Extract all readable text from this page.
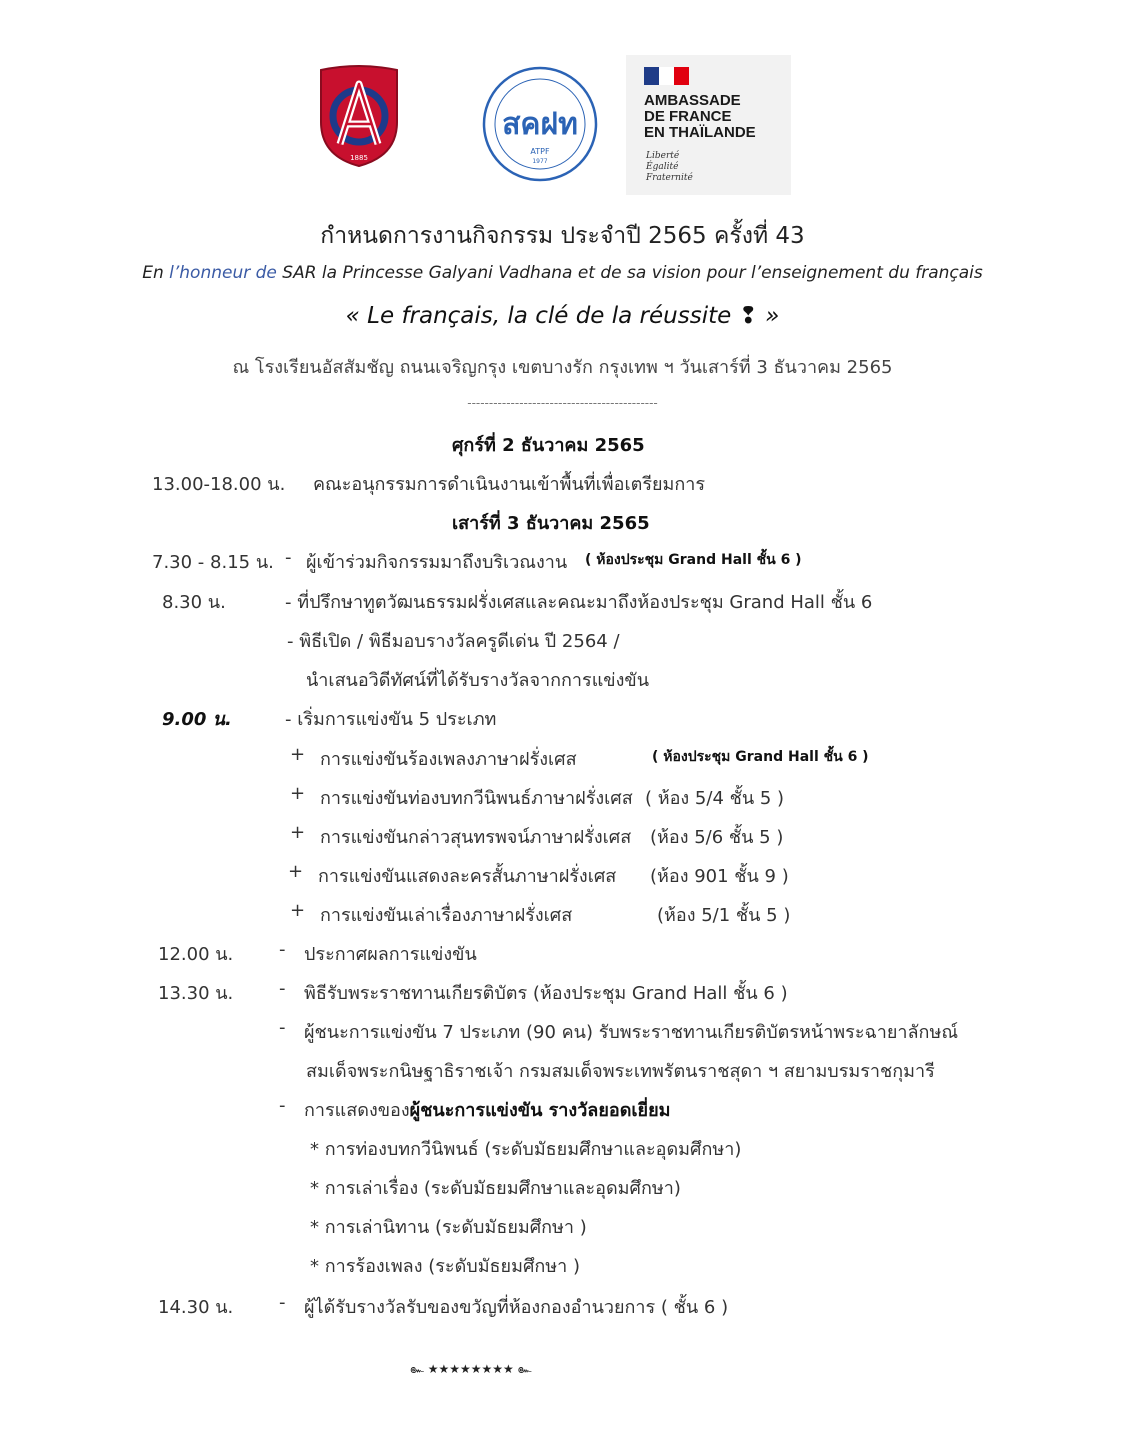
1885
สคฝท
ATPF
1977
AMBASSADE
DE FRANCE
EN THAÏLANDE
Liberté
Égalité
Fraternité
กำหนดการงานกิจกรรม ประจำปี 2565 ครั้งที่ 43
En l’honneur de SAR la Princesse Galyani Vadhana et de sa vision pour l’enseignement du français
« Le français, la clé de la réussite ❢ »
ณ โรงเรียนอัสสัมชัญ ถนนเจริญกรุง เขตบางรัก กรุงเทพ ฯ วันเสาร์ที่ 3 ธันวาคม 2565
--------------------------------------------
ศุกร์ที่ 2 ธันวาคม 2565
13.00-18.00 น. คณะอนุกรรมการดำเนินงานเข้าพื้นที่เพื่อเตรียมการ
เสาร์ที่ 3 ธันวาคม 2565
7.30 - 8.15 น. - ผู้เข้าร่วมกิจกรรมมาถึงบริเวณงาน ( ห้องประชุม Grand Hall ชั้น 6 )
8.30 น.	- ที่ปรึกษาทูตวัฒนธรรมฝรั่งเศสและคณะมาถึงห้องประชุม Grand Hall ชั้น 6
- พิธีเปิด / พิธีมอบรางวัลครูดีเด่น ปี 2564 /
นำเสนอวิดีทัศน์ที่ได้รับรางวัลจากการแข่งขัน
9.00 น.	- เริ่มการแข่งขัน 5 ประเภท
+ การแข่งขันร้องเพลงภาษาฝรั่งเศส	( ห้องประชุม Grand Hall ชั้น 6 )
+ การแข่งขันท่องบทกวีนิพนธ์ภาษาฝรั่งเศส ( ห้อง 5/4 ชั้น 5 )
+ การแข่งขันกล่าวสุนทรพจน์ภาษาฝรั่งเศส (ห้อง 5/6 ชั้น 5 )
+ การแข่งขันแสดงละครสั้นภาษาฝรั่งเศส (ห้อง 901 ชั้น 9 )
+ การแข่งขันเล่าเรื่องภาษาฝรั่งเศส	(ห้อง 5/1 ชั้น 5 )
12.00 น.	- ประกาศผลการแข่งขัน
13.30 น.	- พิธีรับพระราชทานเกียรติบัตร (ห้องประชุม Grand Hall ชั้น 6 )
- ผู้ชนะการแข่งขัน 7 ประเภท (90 คน) รับพระราชทานเกียรติบัตรหน้าพระฉายาลักษณ์
สมเด็จพระกนิษฐาธิราชเจ้า กรมสมเด็จพระเทพรัตนราชสุดา ฯ สยามบรมราชกุมารี
- การแสดงของผู้ชนะการแข่งขัน รางวัลยอดเยี่ยม
* การท่องบทกวีนิพนธ์ (ระดับมัธยมศึกษาและอุดมศึกษา)
* การเล่าเรื่อง (ระดับมัธยมศึกษาและอุดมศึกษา)
* การเล่านิทาน (ระดับมัธยมศึกษา )
* การร้องเพลง (ระดับมัธยมศึกษา )
14.30 น.	- ผู้ได้รับรางวัลรับของขวัญที่ห้องกองอำนวยการ ( ชั้น 6 )
๛ ★★★★★★★★ ๛
